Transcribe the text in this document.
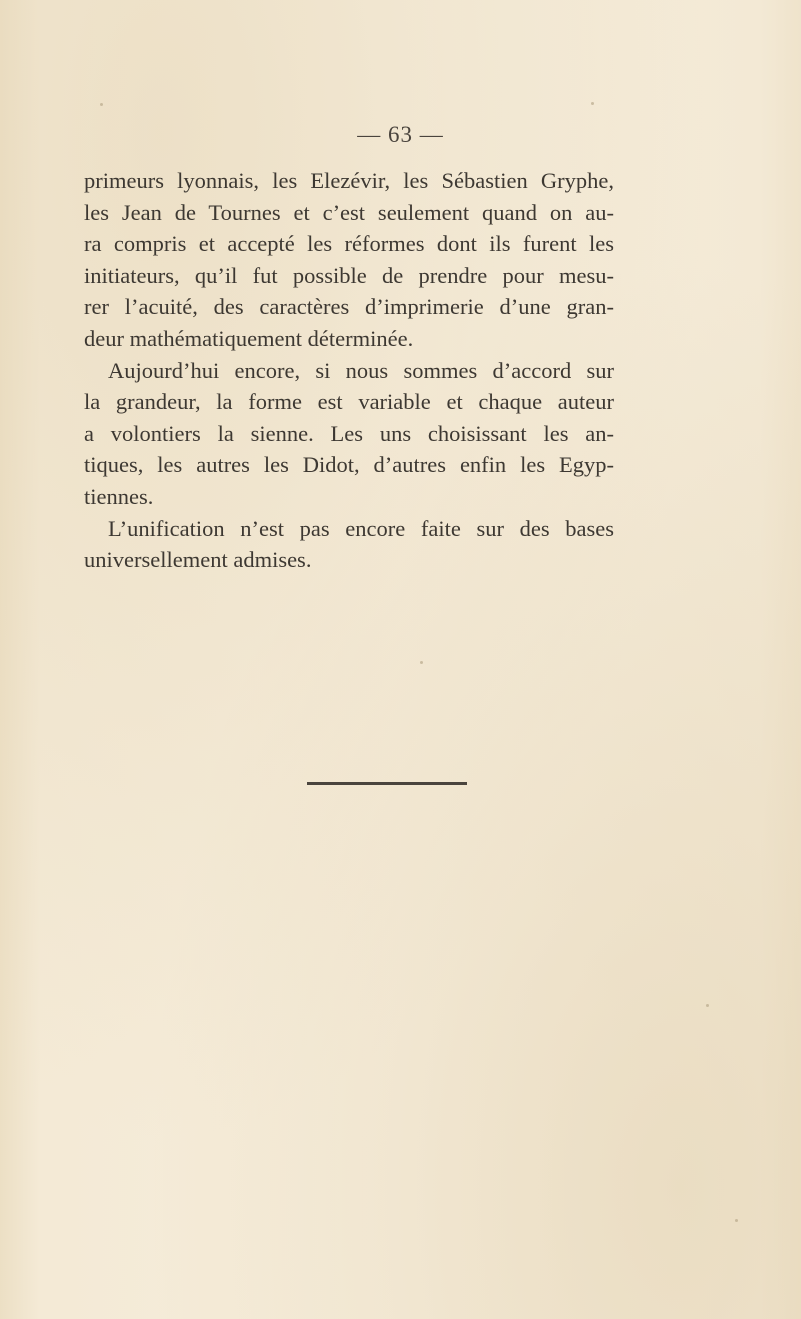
— 63 —
primeurs lyonnais, les Elezévir, les Sébastien Gryphe,
les Jean de Tournes et c’est seulement quand on au-
ra compris et accepté les réformes dont ils furent les
initiateurs, qu’il fut possible de prendre pour mesu-
rer l’acuité, des caractères d’imprimerie d’une gran-
deur mathématiquement déterminée.
Aujourd’hui encore, si nous sommes d’accord sur
la grandeur, la forme est variable et chaque auteur
a volontiers la sienne. Les uns choisissant les an-
tiques, les autres les Didot, d’autres enfin les Egyp-
tiennes.
L’unification n’est pas encore faite sur des bases
universellement admises.
